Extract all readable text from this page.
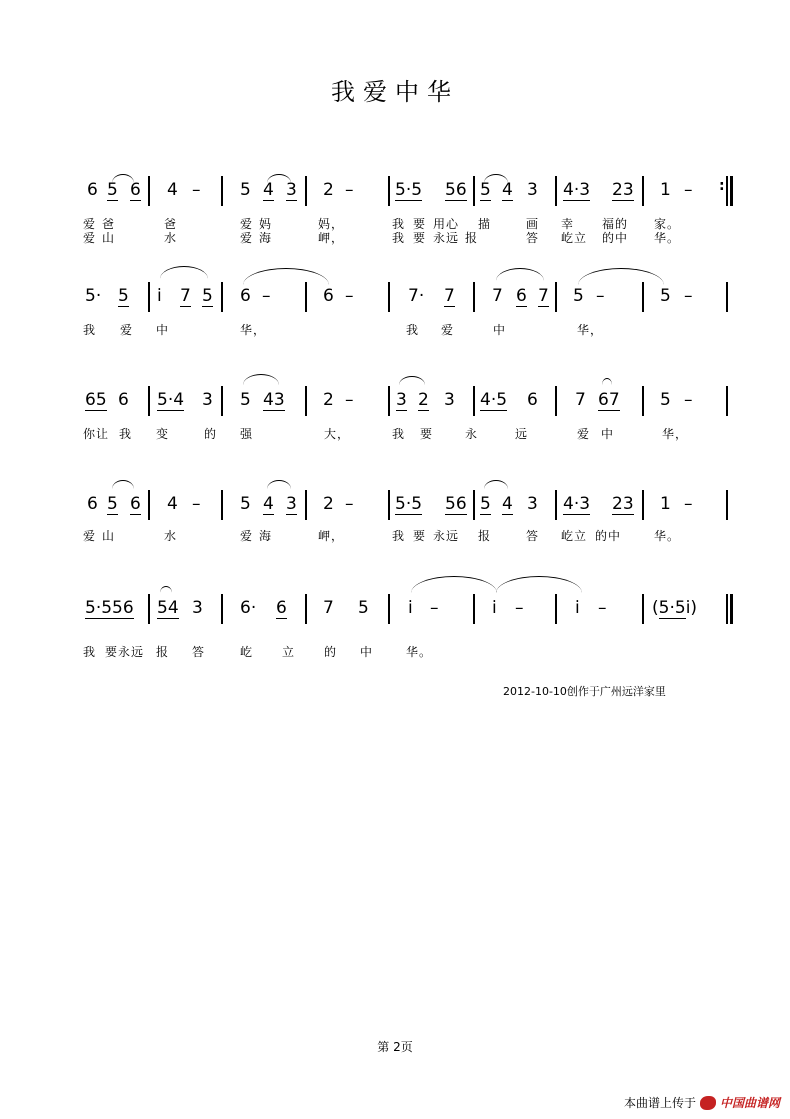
我爱中华
6 5 6 4 – 5 4 3 2 – 5·5 56 5 4 3 4·3 23 1 – :
爱 爸	爸	爱 妈	妈，	我 要 用心 描	画 幸 福的 家。
爱 山	水	爱 海	岬，	我 要 永远 报	答 屹立 的中 华。
5· 5 i̇ 7 5 6 –	6 –	7· 7 7 6 7 5 –	5 –
我 爱 中	华，	我 爱	中	华，
65 6 5·4 3 5 43 2 –	3 2 3 4·5 6 7 67 5 –
你让 我 变	的 强	大，	我 要	永	远	爱 中	华，
6 5 6 4 – 5 4 3 2 – 5·5 56 5 4 3 4·3 23 1 –
爱 山	水	爱 海	岬，	我 要 永远 报	答 屹立 的中	华。
5·556 54 3 6· 6 7 5 i̇ –	i̇ –	i̇ –	(5·5i̇)
我 要永远 报 答	屹 立 的 中	华。
2012-10-10创作于广州远洋家里
第 2页
本曲谱上传于 中国曲谱网
